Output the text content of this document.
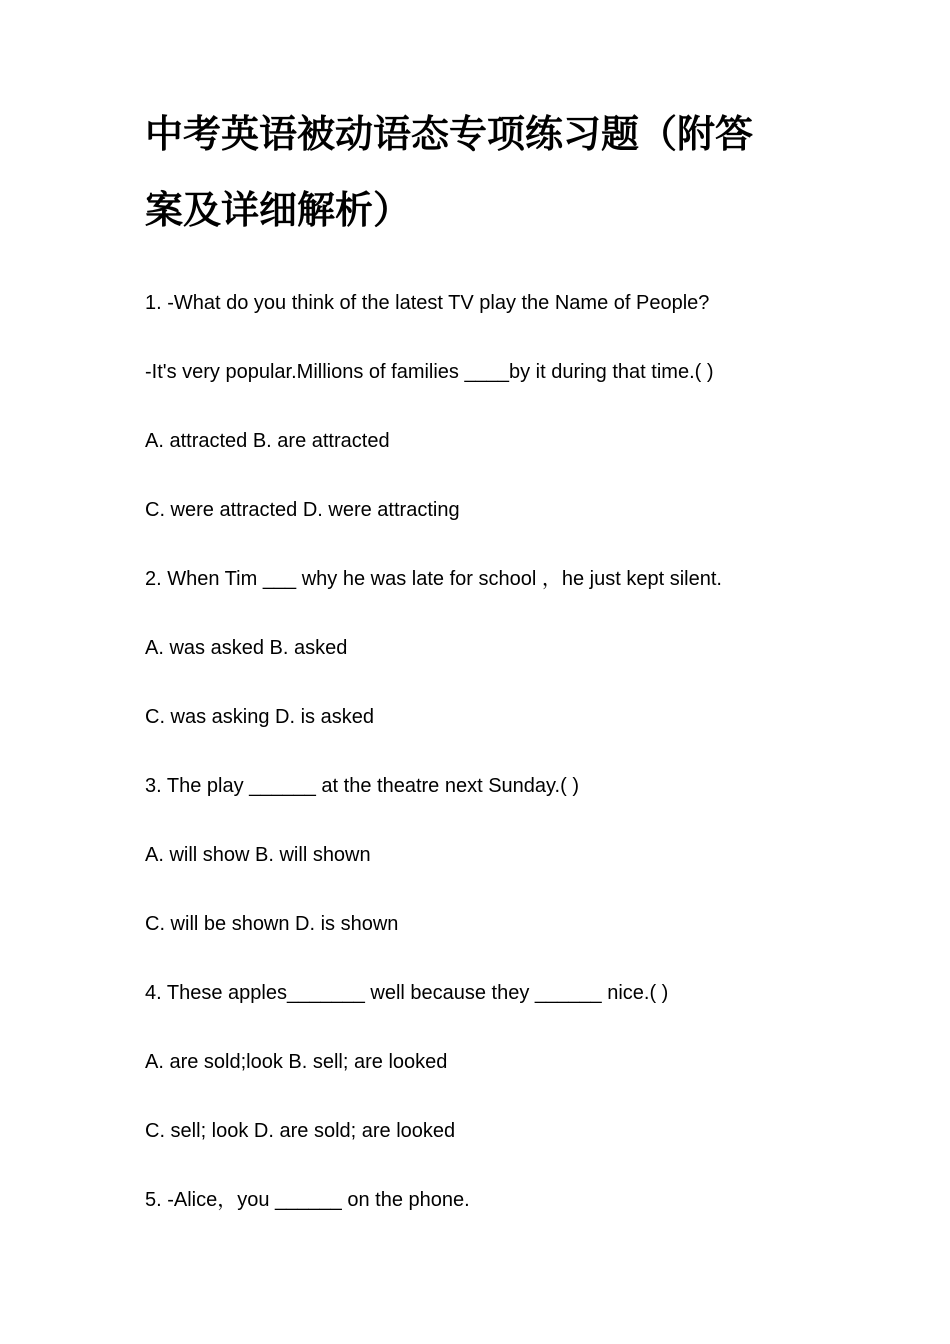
中考英语被动语态专项练习题（附答
案及详细解析）

1. -What do you think of the latest TV play the Name of People?

-It's very popular.Millions of families ____by it during that time.( )

A. attracted B. are attracted

C. were attracted D. were attracting

2. When Tim ___ why he was late for school ，he just kept silent.

A. was asked B. asked

C. was asking D. is asked

3. The play ______ at the theatre next Sunday.( )

A. will show B. will shown

C. will be shown D. is shown

4. These apples_______ well because they ______ nice.( )

A. are sold;look B. sell; are looked

C. sell; look D. are sold; are looked

5. -Alice，you ______ on the phone.
